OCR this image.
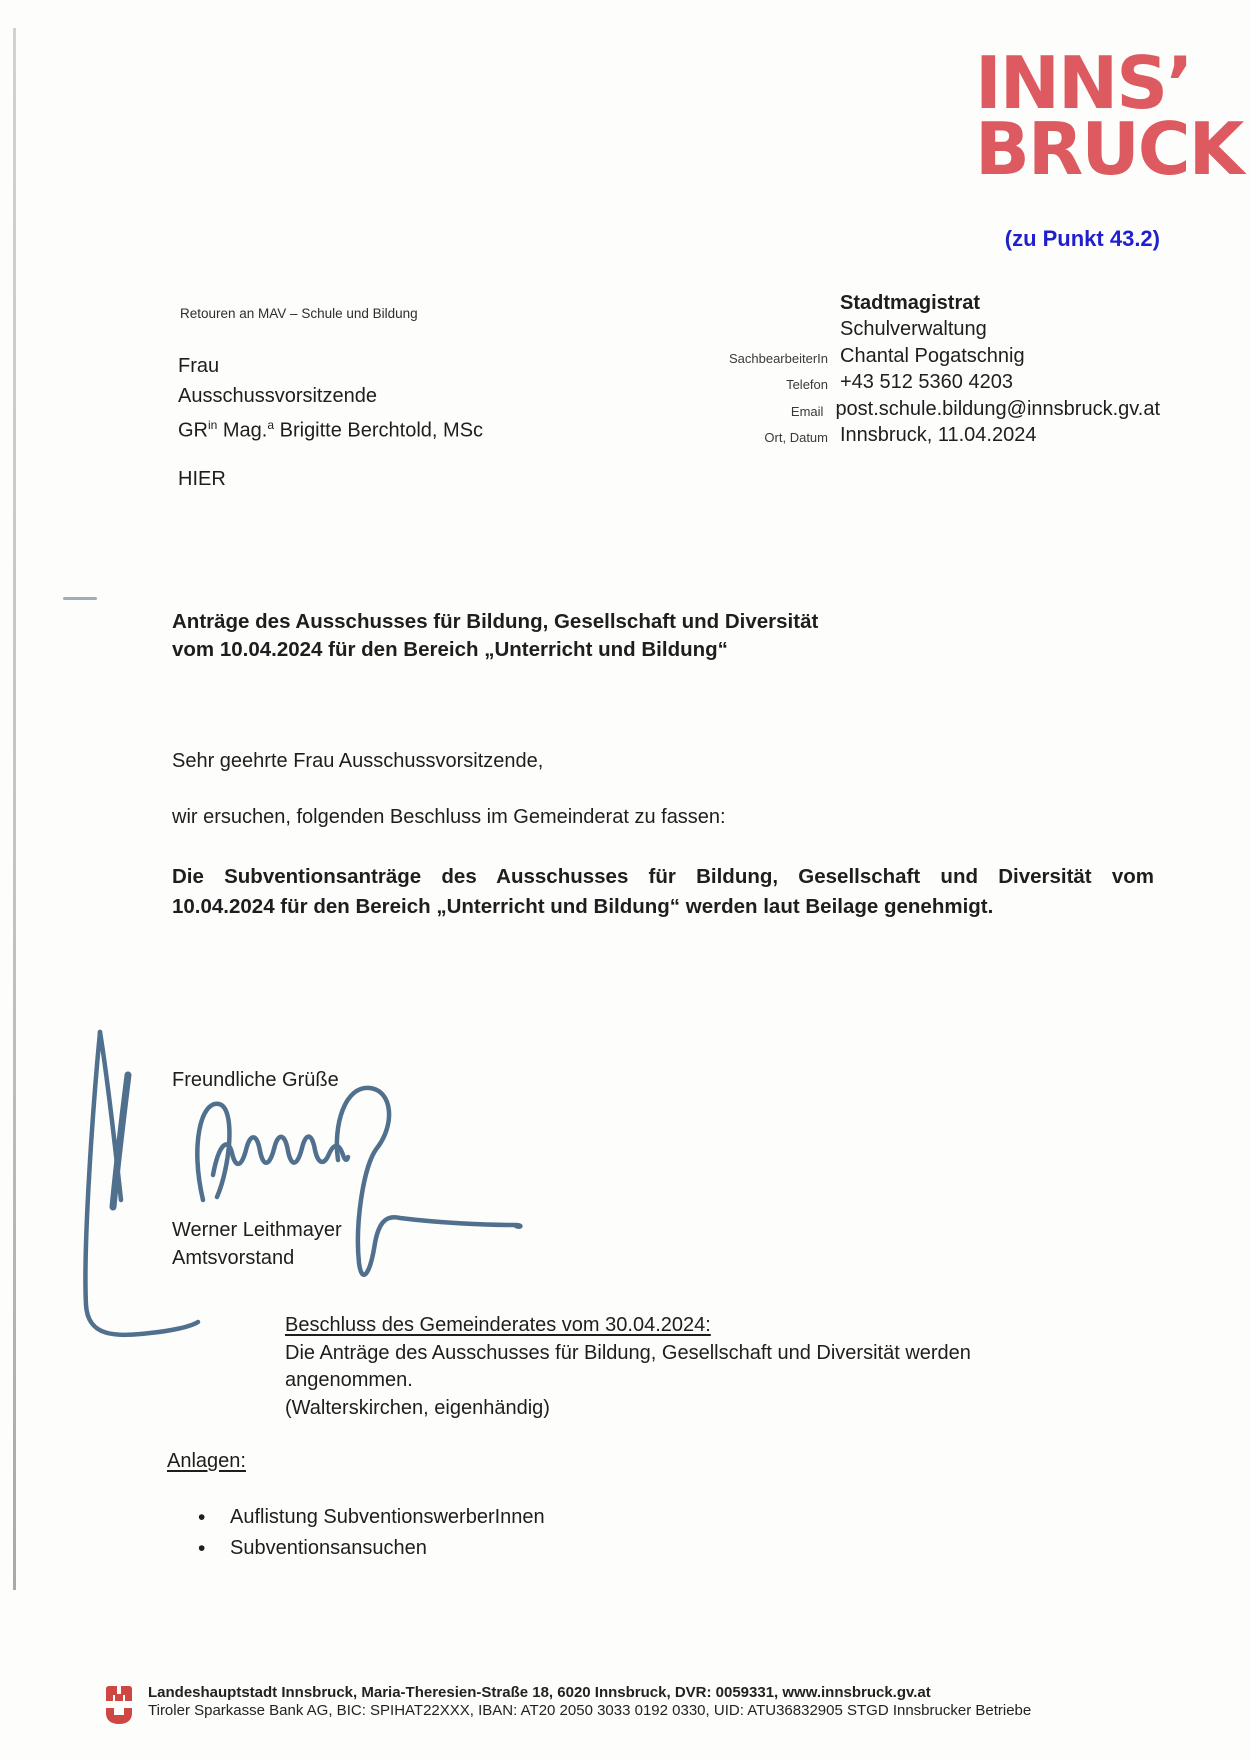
INNS’
BRUCK
(zu Punkt 43.2)
Retouren an MAV – Schule und Bildung
Frau
Ausschussvorsitzende
$GR^{in}$ Mag.$^a$ Brigitte Berchtold, MSc
HIER
Stadtmagistrat
Schulverwaltung
SachbearbeiterIn Chantal Pogatschnig
Telefon +43 512 5360 4203
Email post.schule.bildung@innsbruck.gv.at
Ort, Datum Innsbruck, 11.04.2024
Anträge des Ausschusses für Bildung, Gesellschaft und Diversität
vom 10.04.2024 für den Bereich „Unterricht und Bildung“
Sehr geehrte Frau Ausschussvorsitzende,
wir ersuchen, folgenden Beschluss im Gemeinderat zu fassen:
Die Subventionsanträge des Ausschusses für Bildung, Gesellschaft und Diversität vom
10.04.2024 für den Bereich „Unterricht und Bildung“ werden laut Beilage genehmigt.
Freundliche Grüße
Werner Leithmayer
Amtsvorstand
Beschluss des Gemeinderates vom 30.04.2024:
Die Anträge des Ausschusses für Bildung, Gesellschaft und Diversität werden
angenommen.
(Walterskirchen, eigenhändig)
Anlagen:
•	Auflistung SubventionswerberInnen
•	Subventionsansuchen
Landeshauptstadt Innsbruck, Maria-Theresien-Straße 18, 6020 Innsbruck, DVR: 0059331, www.innsbruck.gv.at
Tiroler Sparkasse Bank AG, BIC: SPIHAT22XXX, IBAN: AT20 2050 3033 0192 0330, UID: ATU36832905 STGD Innsbrucker Betriebe
